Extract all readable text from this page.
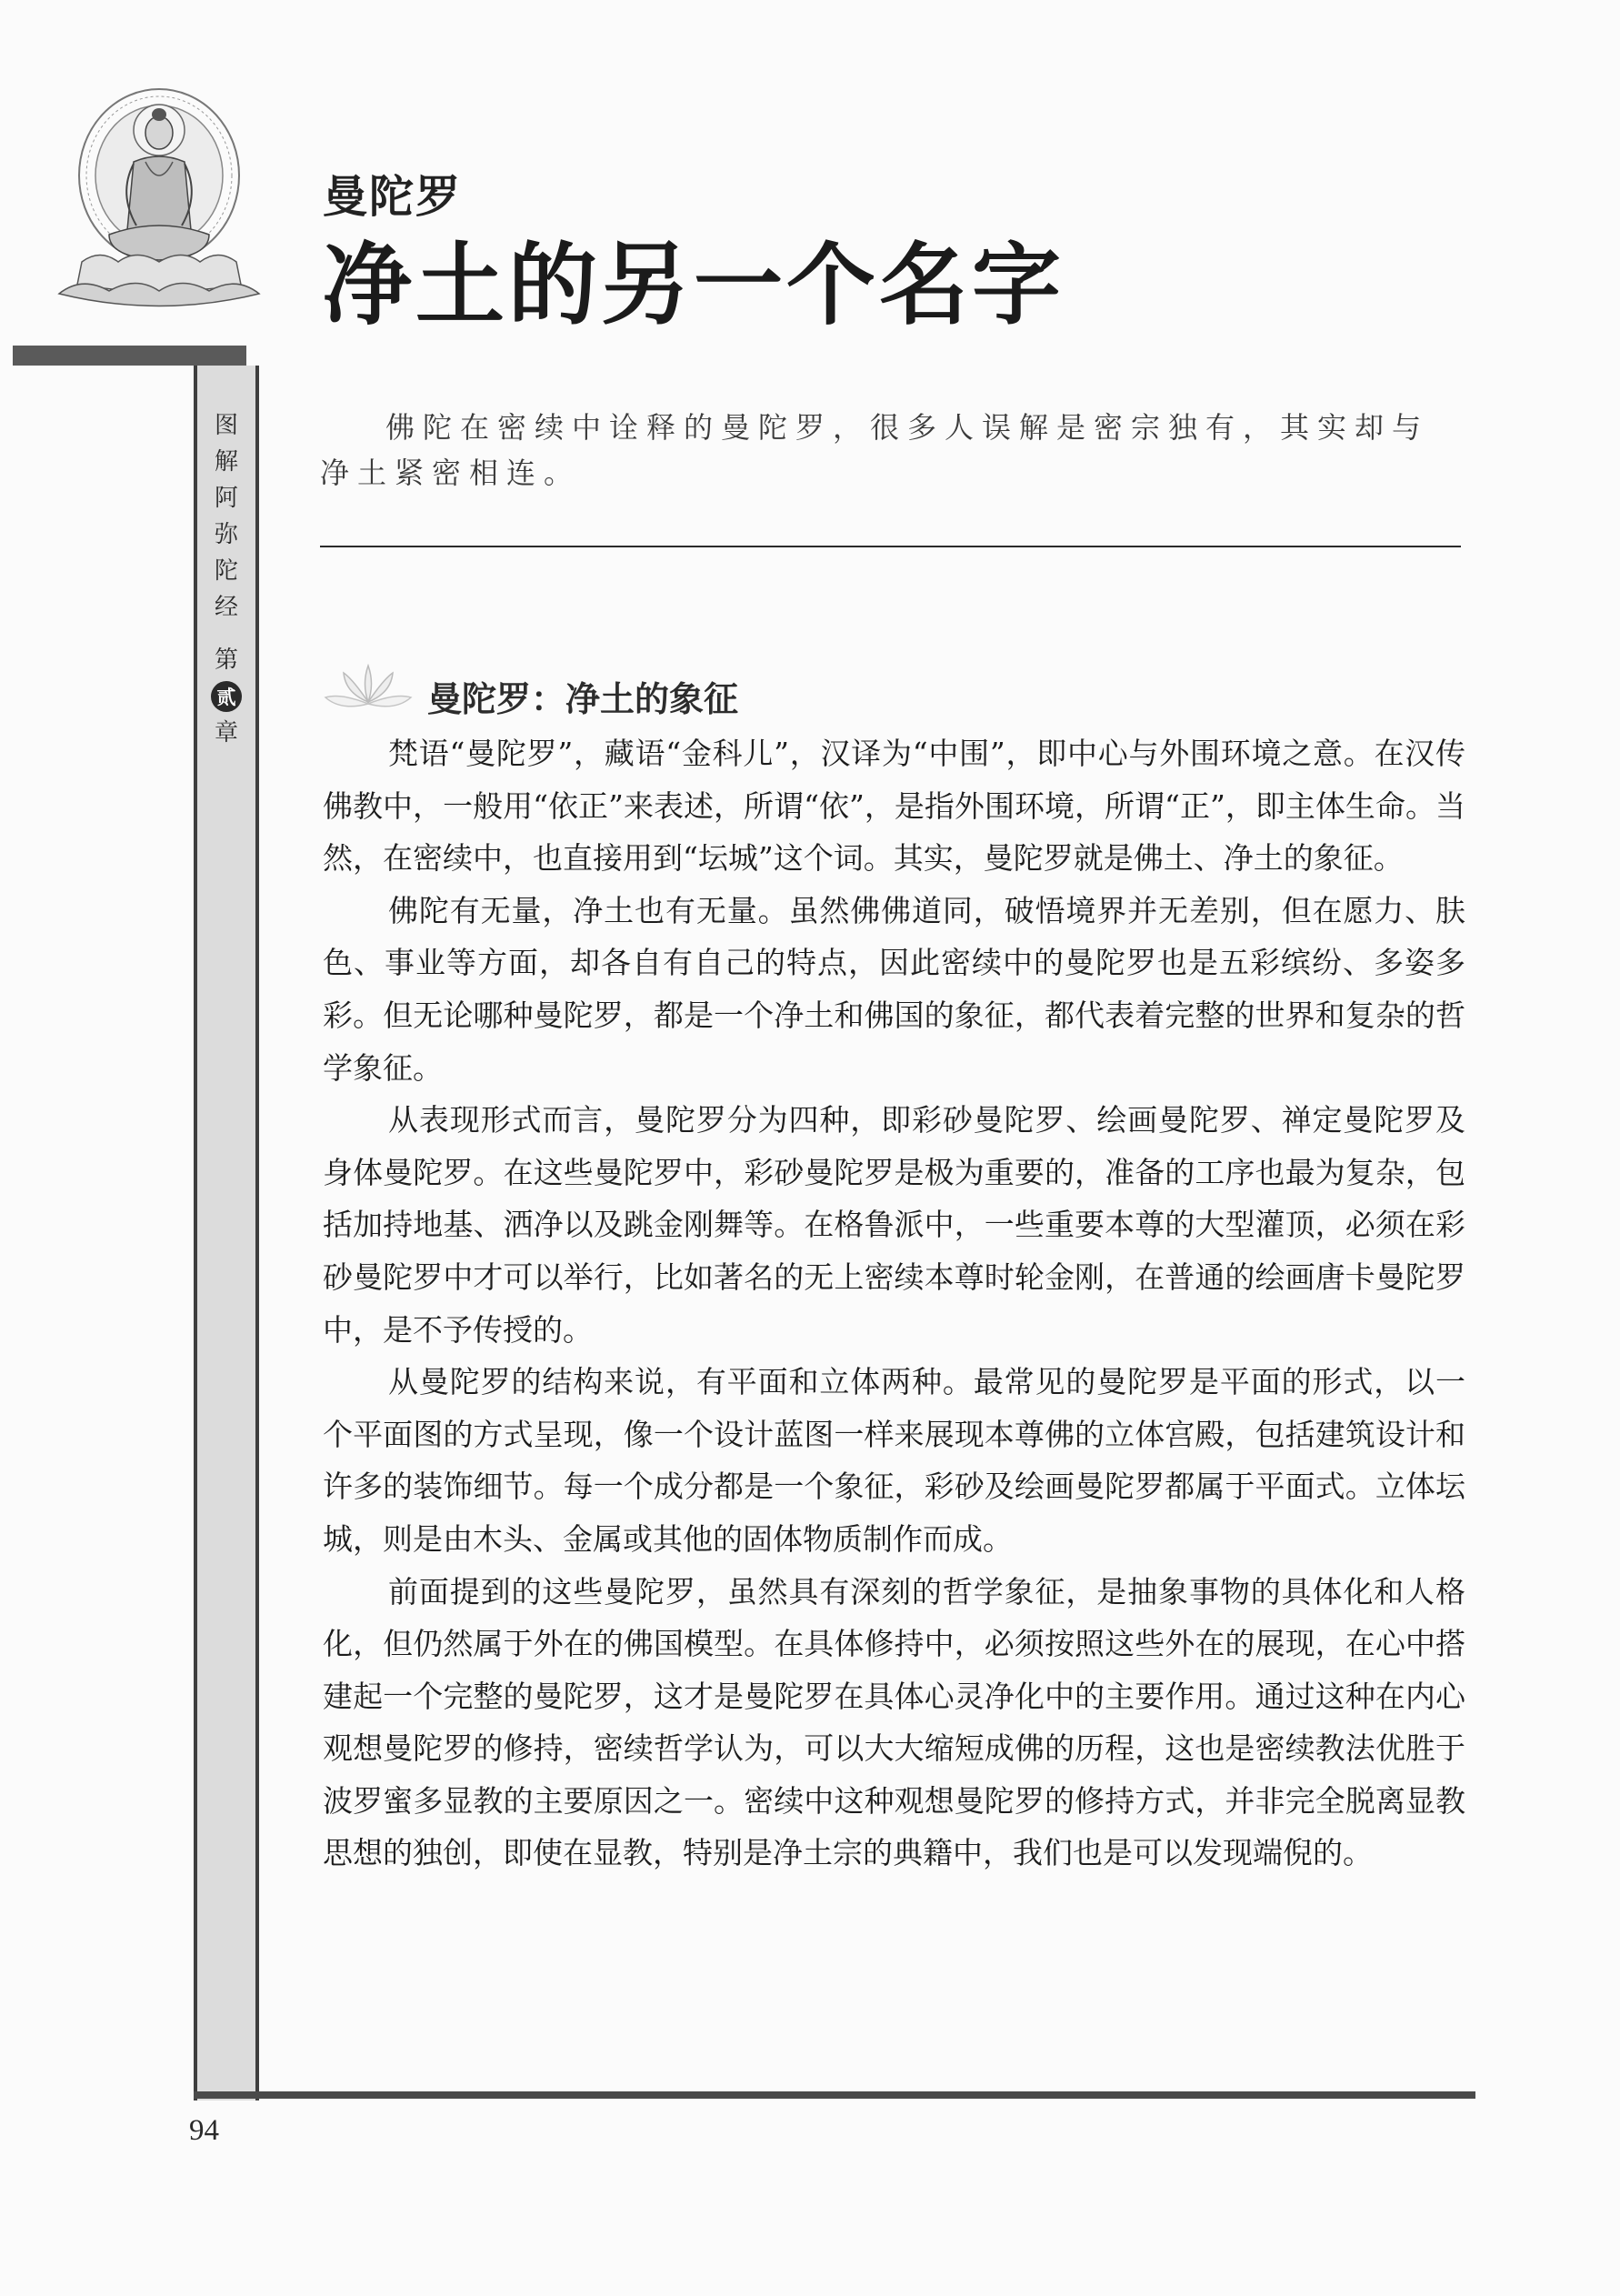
图
解
阿
弥
陀
经
第
贰
章
曼陀罗
净土的另一个名字
佛陀在密续中诠释的曼陀罗，很多人误解是密宗独有，其实却与净土紧密相连。
曼陀罗：净土的象征

梵语“曼陀罗”，藏语“金科儿”，汉译为“中围”，即中心与外围环境之意。在汉传佛教中，一般用“依正”来表述，所谓“依”，是指外围环境，所谓“正”，即主体生命。当然，在密续中，也直接用到“坛城”这个词。其实，曼陀罗就是佛土、净土的象征。

佛陀有无量，净土也有无量。虽然佛佛道同，破悟境界并无差别，但在愿力、肤色、事业等方面，却各自有自己的特点，因此密续中的曼陀罗也是五彩缤纷、多姿多彩。但无论哪种曼陀罗，都是一个净土和佛国的象征，都代表着完整的世界和复杂的哲学象征。

从表现形式而言，曼陀罗分为四种，即彩砂曼陀罗、绘画曼陀罗、禅定曼陀罗及身体曼陀罗。在这些曼陀罗中，彩砂曼陀罗是极为重要的，准备的工序也最为复杂，包括加持地基、洒净以及跳金刚舞等。在格鲁派中，一些重要本尊的大型灌顶，必须在彩砂曼陀罗中才可以举行，比如著名的无上密续本尊时轮金刚，在普通的绘画唐卡曼陀罗中，是不予传授的。

从曼陀罗的结构来说，有平面和立体两种。最常见的曼陀罗是平面的形式，以一个平面图的方式呈现，像一个设计蓝图一样来展现本尊佛的立体宫殿，包括建筑设计和许多的装饰细节。每一个成分都是一个象征，彩砂及绘画曼陀罗都属于平面式。立体坛城，则是由木头、金属或其他的固体物质制作而成。

前面提到的这些曼陀罗，虽然具有深刻的哲学象征，是抽象事物的具体化和人格化，但仍然属于外在的佛国模型。在具体修持中，必须按照这些外在的展现，在心中搭建起一个完整的曼陀罗，这才是曼陀罗在具体心灵净化中的主要作用。通过这种在内心观想曼陀罗的修持，密续哲学认为，可以大大缩短成佛的历程，这也是密续教法优胜于波罗蜜多显教的主要原因之一。密续中这种观想曼陀罗的修持方式，并非完全脱离显教思想的独创，即使在显教，特别是净土宗的典籍中，我们也是可以发现端倪的。

94
